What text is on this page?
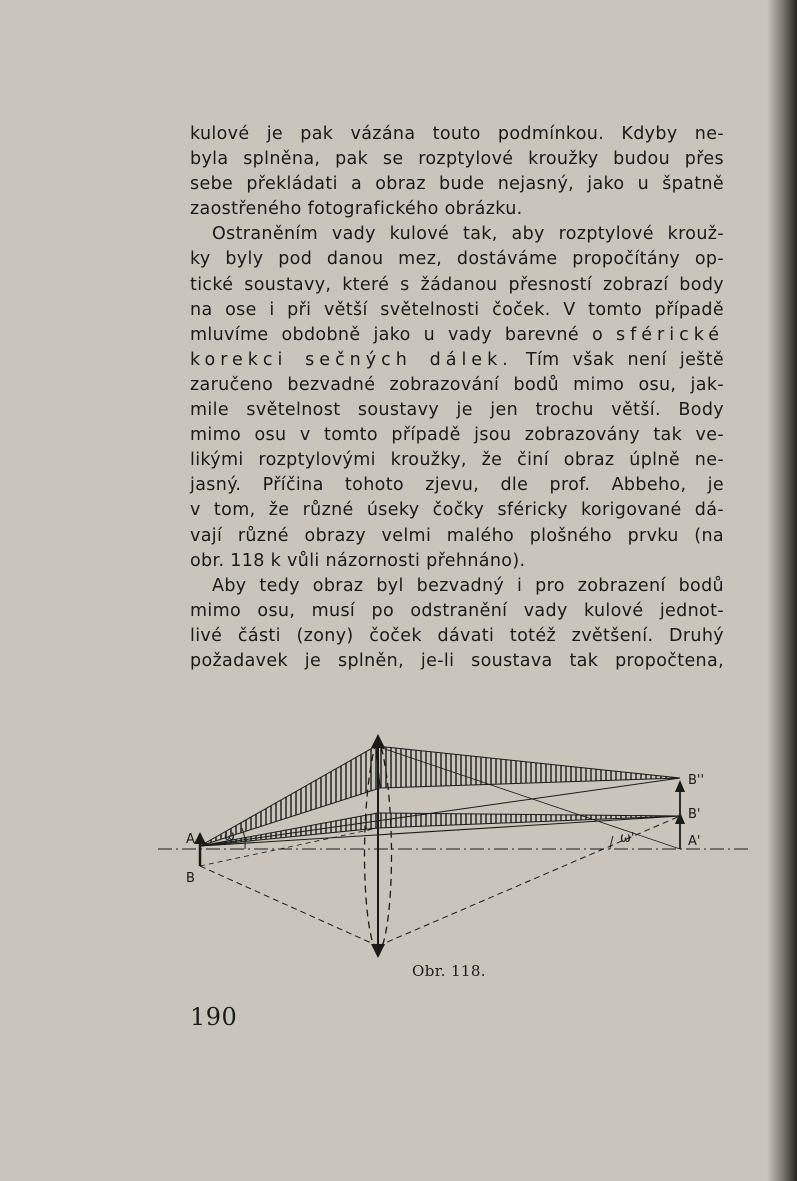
kulové je pak vázána touto podmínkou. Kdyby ne-
byla splněna, pak se rozptylové kroužky budou přes
sebe překládati a obraz bude nejasný, jako u špatně
zaostřeného fotografického obrázku.

Ostraněním vady kulové tak, aby rozptylové krouž-
ky byly pod danou mez, dostáváme propočítány op-
tické soustavy, které s žádanou přesností zobrazí body
na ose i při větší světelnosti čoček. V tomto případě
mluvíme obdobně jako u vady barevné o sférické
korekci sečných dálek. Tím však není ještě
zaručeno bezvadné zobrazování bodů mimo osu, jak-
mile světelnost soustavy je jen trochu větší. Body
mimo osu v tomto případě jsou zobrazovány tak ve-
likými rozptylovými kroužky, že činí obraz úplně ne-
jasný. Příčina tohoto zjevu, dle prof. Abbeho, je
v tom, že různé úseky čočky sféricky korigované dá-
vají různé obrazy velmi malého plošného prvku (na
obr. 118 k vůli názornosti přehnáno).

Aby tedy obraz byl bezvadný i pro zobrazení bodů
mimo osu, musí po odstranění vady kulové jednot-
livé části (zony) čoček dávati totéž zvětšení. Druhý
požadavek je splněn, je-li soustava tak propočtena,

A
B
ω	ω'
B''
B'
A'
Obr. 118.
190
